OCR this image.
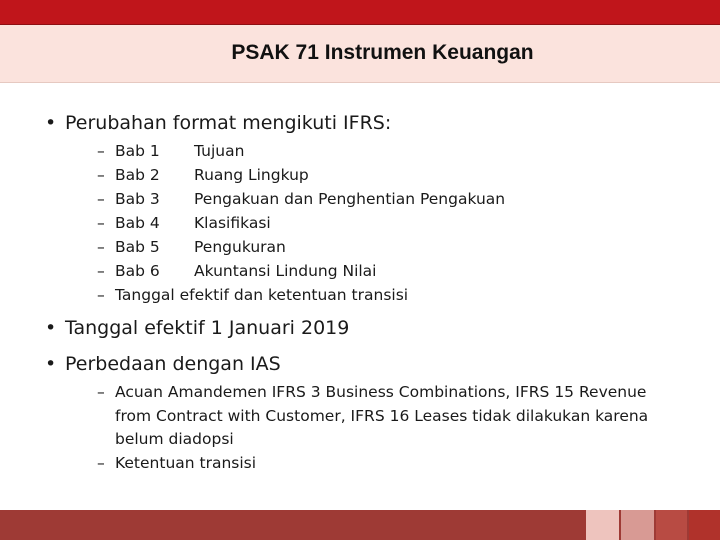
PSAK 71 Instrumen Keuangan
• Perubahan format mengikuti IFRS:
– Bab 1 Tujuan
– Bab 2 Ruang Lingkup
– Bab 3 Pengakuan dan Penghentian Pengakuan
– Bab 4 Klasifikasi
– Bab 5 Pengukuran
– Bab 6 Akuntansi Lindung Nilai
– Tanggal efektif dan ketentuan transisi
• Tanggal efektif 1 Januari 2019
• Perbedaan dengan IAS
– Acuan Amandemen IFRS 3 Business Combinations, IFRS 15 Revenue from Contract with Customer, IFRS 16 Leases tidak dilakukan karena belum diadopsi
– Ketentuan transisi
